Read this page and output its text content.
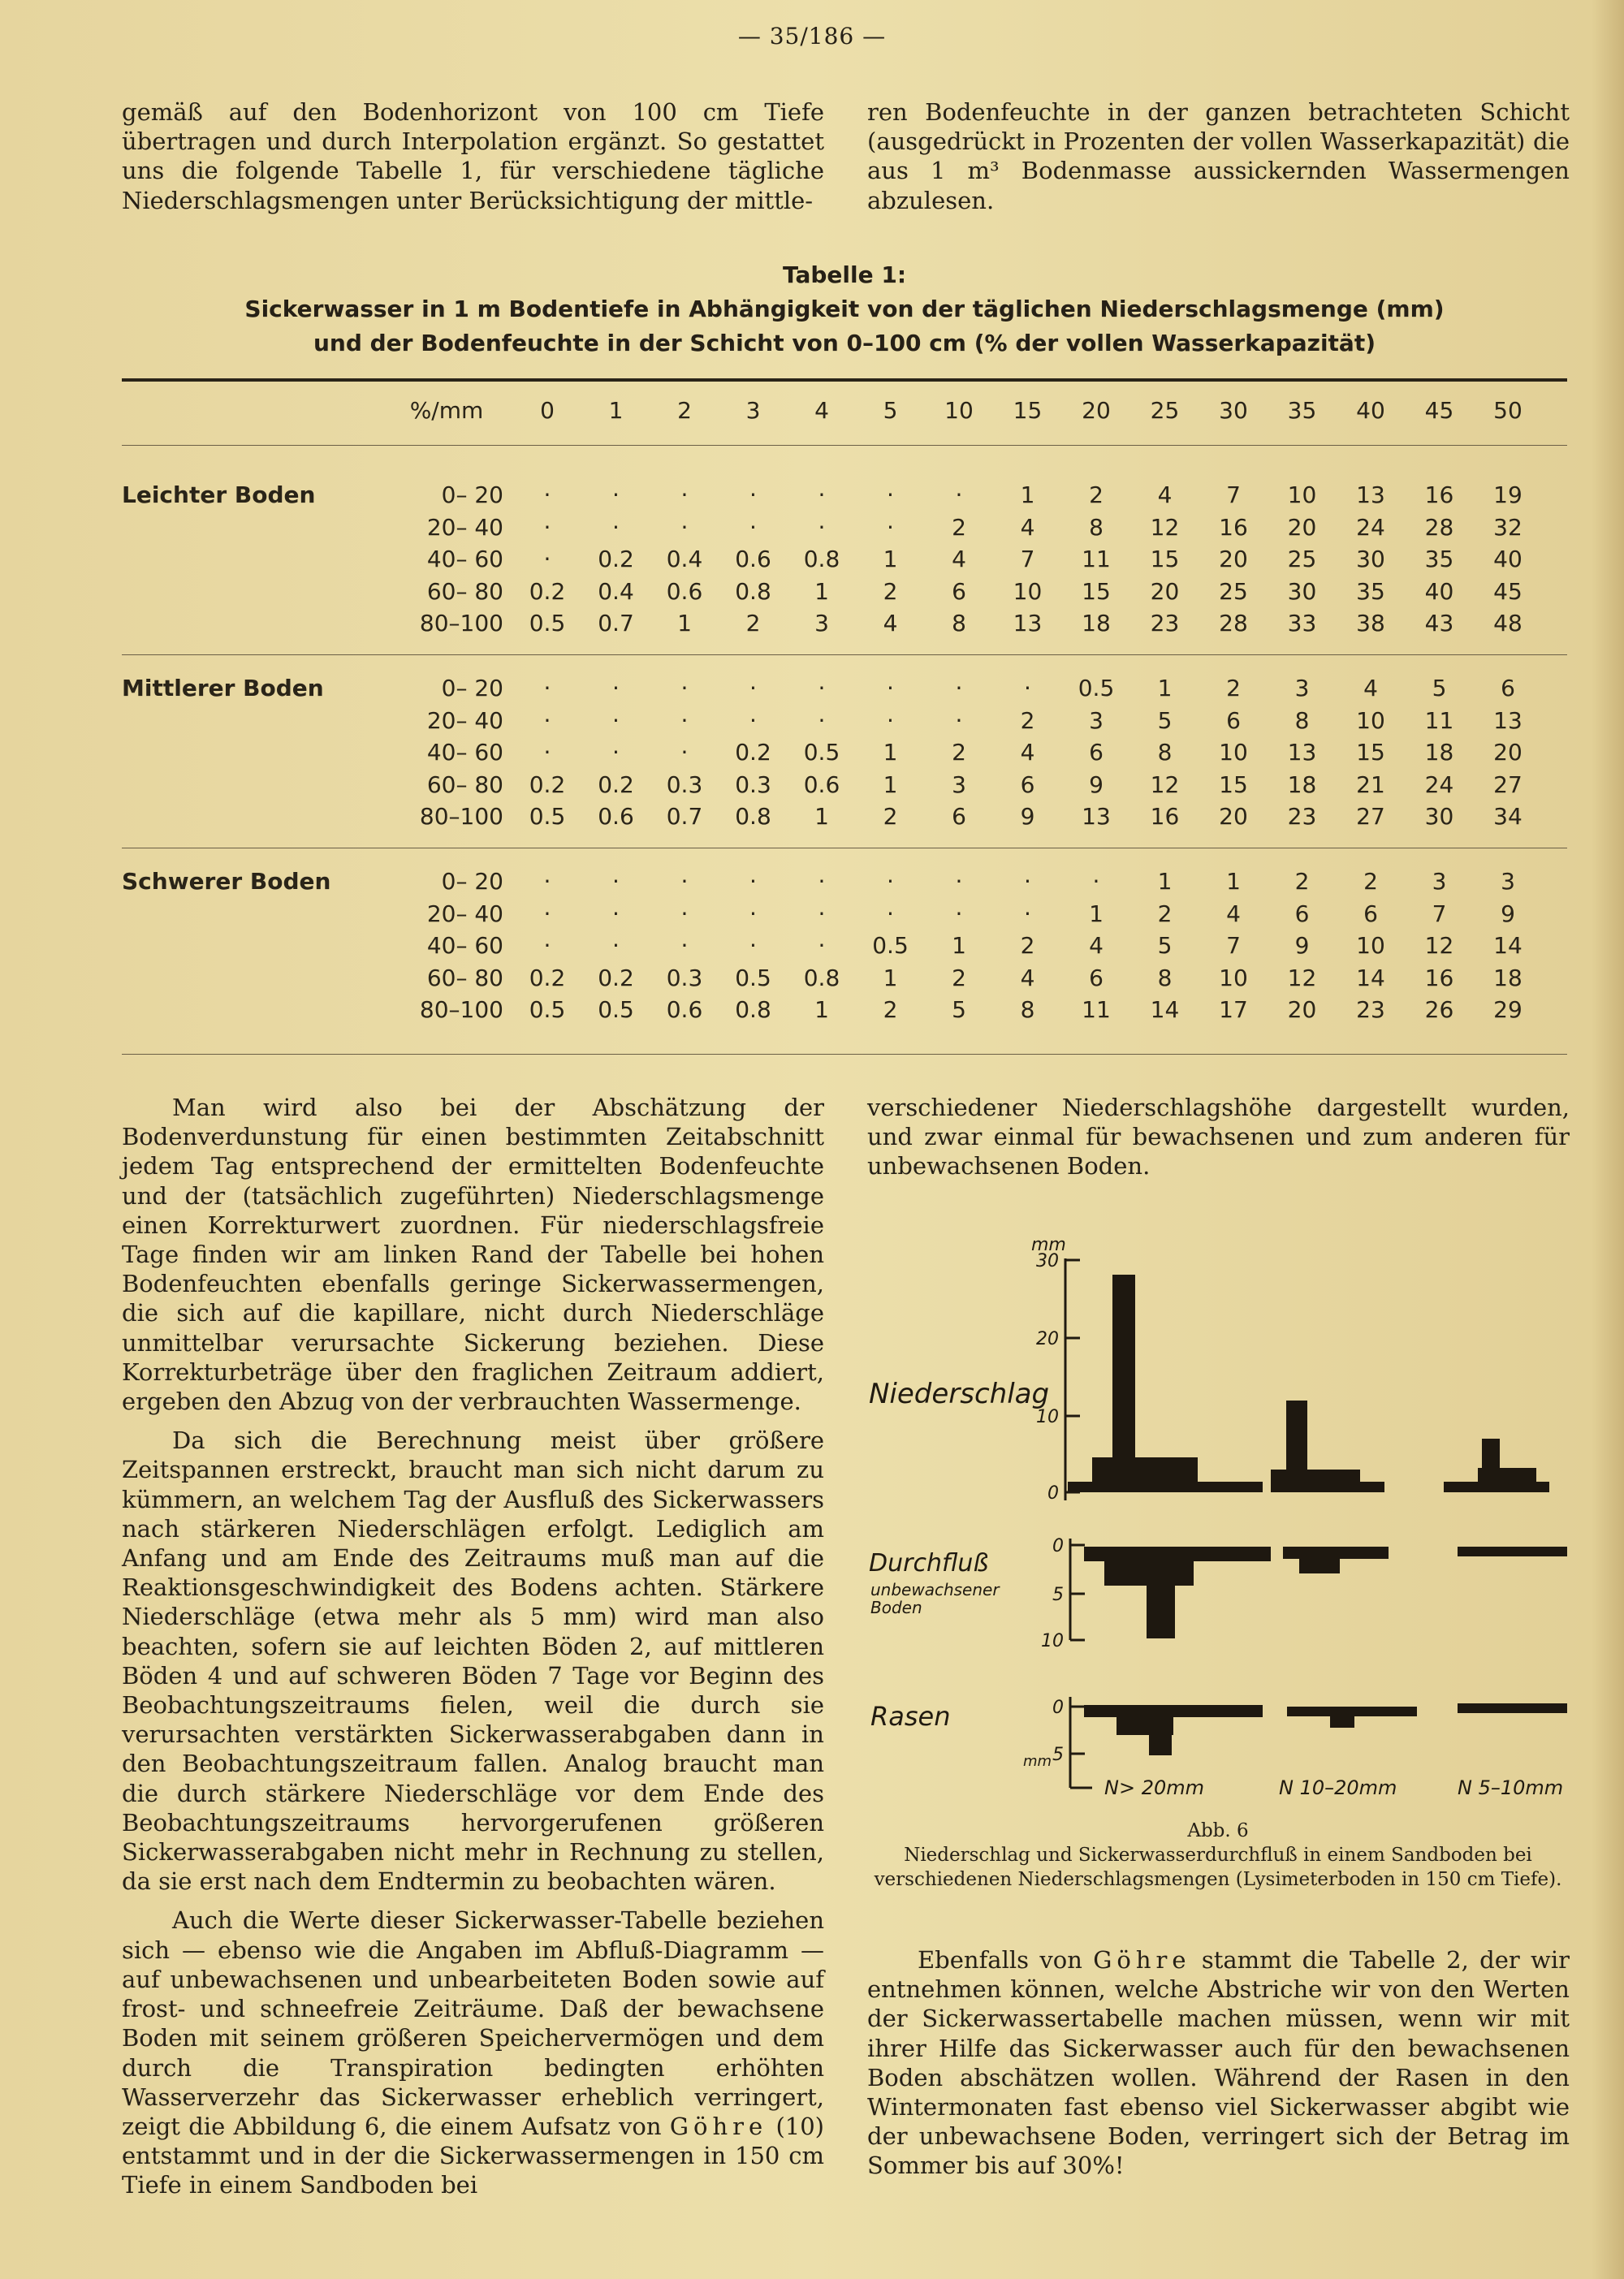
— 35/186 —

gemäß auf den Bodenhorizont von 100 cm Tiefe übertragen und durch Interpolation ergänzt. So gestattet uns die folgende Tabelle 1, für verschiedene tägliche Niederschlagsmengen unter Berücksichtigung der mittle-

ren Bodenfeuchte in der ganzen betrachteten Schicht (ausgedrückt in Prozenten der vollen Wasserkapazität) die aus 1 m³ Bodenmasse aussickernden Wassermengen abzulesen.

Tabelle 1:
Sickerwasser in 1 m Bodentiefe in Abhängigkeit von der täglichen Niederschlagsmenge (mm)
und der Bodenfeuchte in der Schicht von 0–100 cm (% der vollen Wasserkapazität)
%/mm	0	1	2	3	4	5	10	15	20	25	30	35	40	45	50
Leichter Boden	0– 20	·	·	·	·	·	·	·	1	2	4	7	10	13	16	19
20– 40	·	·	·	·	·	·	2	4	8	12	16	20	24	28	32
40– 60	·	0.2	0.4	0.6	0.8	1	4	7	11	15	20	25	30	35	40
60– 80	0.2	0.4	0.6	0.8	1	2	6	10	15	20	25	30	35	40	45
80–100	0.5	0.7	1	2	3	4	8	13	18	23	28	33	38	43	48
Mittlerer Boden	0– 20	·	·	·	·	·	·	·	·	0.5	1	2	3	4	5	6
20– 40	·	·	·	·	·	·	·	2	3	5	6	8	10	11	13
40– 60	·	·	·	0.2	0.5	1	2	4	6	8	10	13	15	18	20
60– 80	0.2	0.2	0.3	0.3	0.6	1	3	6	9	12	15	18	21	24	27
80–100	0.5	0.6	0.7	0.8	1	2	6	9	13	16	20	23	27	30	34
Schwerer Boden	0– 20	·	·	·	·	·	·	·	·	·	1	1	2	2	3	3
20– 40	·	·	·	·	·	·	·	·	1	2	4	6	6	7	9
40– 60	·	·	·	·	·	0.5	1	2	4	5	7	9	10	12	14
60– 80	0.2	0.2	0.3	0.5	0.8	1	2	4	6	8	10	12	14	16	18
80–100	0.5	0.5	0.6	0.8	1	2	5	8	11	14	17	20	23	26	29

Man wird also bei der Abschätzung der Bodenverdunstung für einen bestimmten Zeitabschnitt jedem Tag entsprechend der ermittelten Bodenfeuchte und der (tatsächlich zugeführten) Niederschlagsmenge einen Korrekturwert zuordnen. Für niederschlagsfreie Tage finden wir am linken Rand der Tabelle bei hohen Bodenfeuchten ebenfalls geringe Sickerwassermengen, die sich auf die kapillare, nicht durch Niederschläge unmittelbar verursachte Sickerung beziehen. Diese Korrekturbeträge über den fraglichen Zeitraum addiert, ergeben den Abzug von der verbrauchten Wassermenge.

Da sich die Berechnung meist über größere Zeitspannen erstreckt, braucht man sich nicht darum zu kümmern, an welchem Tag der Ausfluß des Sickerwassers nach stärkeren Niederschlägen erfolgt. Lediglich am Anfang und am Ende des Zeitraums muß man auf die Reaktionsgeschwindigkeit des Bodens achten. Stärkere Niederschläge (etwa mehr als 5 mm) wird man also beachten, sofern sie auf leichten Böden 2, auf mittleren Böden 4 und auf schweren Böden 7 Tage vor Beginn des Beobachtungszeitraums fielen, weil die durch sie verursachten verstärkten Sickerwasserabgaben dann in den Beobachtungszeitraum fallen. Analog braucht man die durch stärkere Niederschläge vor dem Ende des Beobachtungszeitraums hervorgerufenen größeren Sickerwasserabgaben nicht mehr in Rechnung zu stellen, da sie erst nach dem Endtermin zu beobachten wären.

Auch die Werte dieser Sickerwasser-Tabelle beziehen sich — ebenso wie die Angaben im Abfluß-Diagramm — auf unbewachsenen und unbearbeiteten Boden sowie auf frost- und schneefreie Zeiträume. Daß der bewachsene Boden mit seinem größeren Speichervermögen und dem durch die Transpiration bedingten erhöhten Wasserverzehr das Sickerwasser erheblich verringert, zeigt die Abbildung 6, die einem Aufsatz von Göhre (10) entstammt und in der die Sickerwassermengen in 150 cm Tiefe in einem Sandboden bei

verschiedener Niederschlagshöhe dargestellt wurden, und zwar einmal für bewachsenen und zum anderen für unbewachsenen Boden.

mm
30
20
10
0
0
5
10
0
5
Niederschlag
Durchfluß
unbewachsener
Boden
Rasen
mm
N> 20mm	N 10–20mm	N 5–10mm
Abb. 6
Niederschlag und Sickerwasserdurchfluß in einem Sandboden bei verschiedenen Niederschlagsmengen (Lysimeterboden in 150 cm Tiefe).

Ebenfalls von Göhre stammt die Tabelle 2, der wir entnehmen können, welche Abstriche wir von den Werten der Sickerwassertabelle machen müssen, wenn wir mit ihrer Hilfe das Sickerwasser auch für den bewachsenen Boden abschätzen wollen. Während der Rasen in den Wintermonaten fast ebenso viel Sickerwasser abgibt wie der unbewachsene Boden, verringert sich der Betrag im Sommer bis auf 30%!
